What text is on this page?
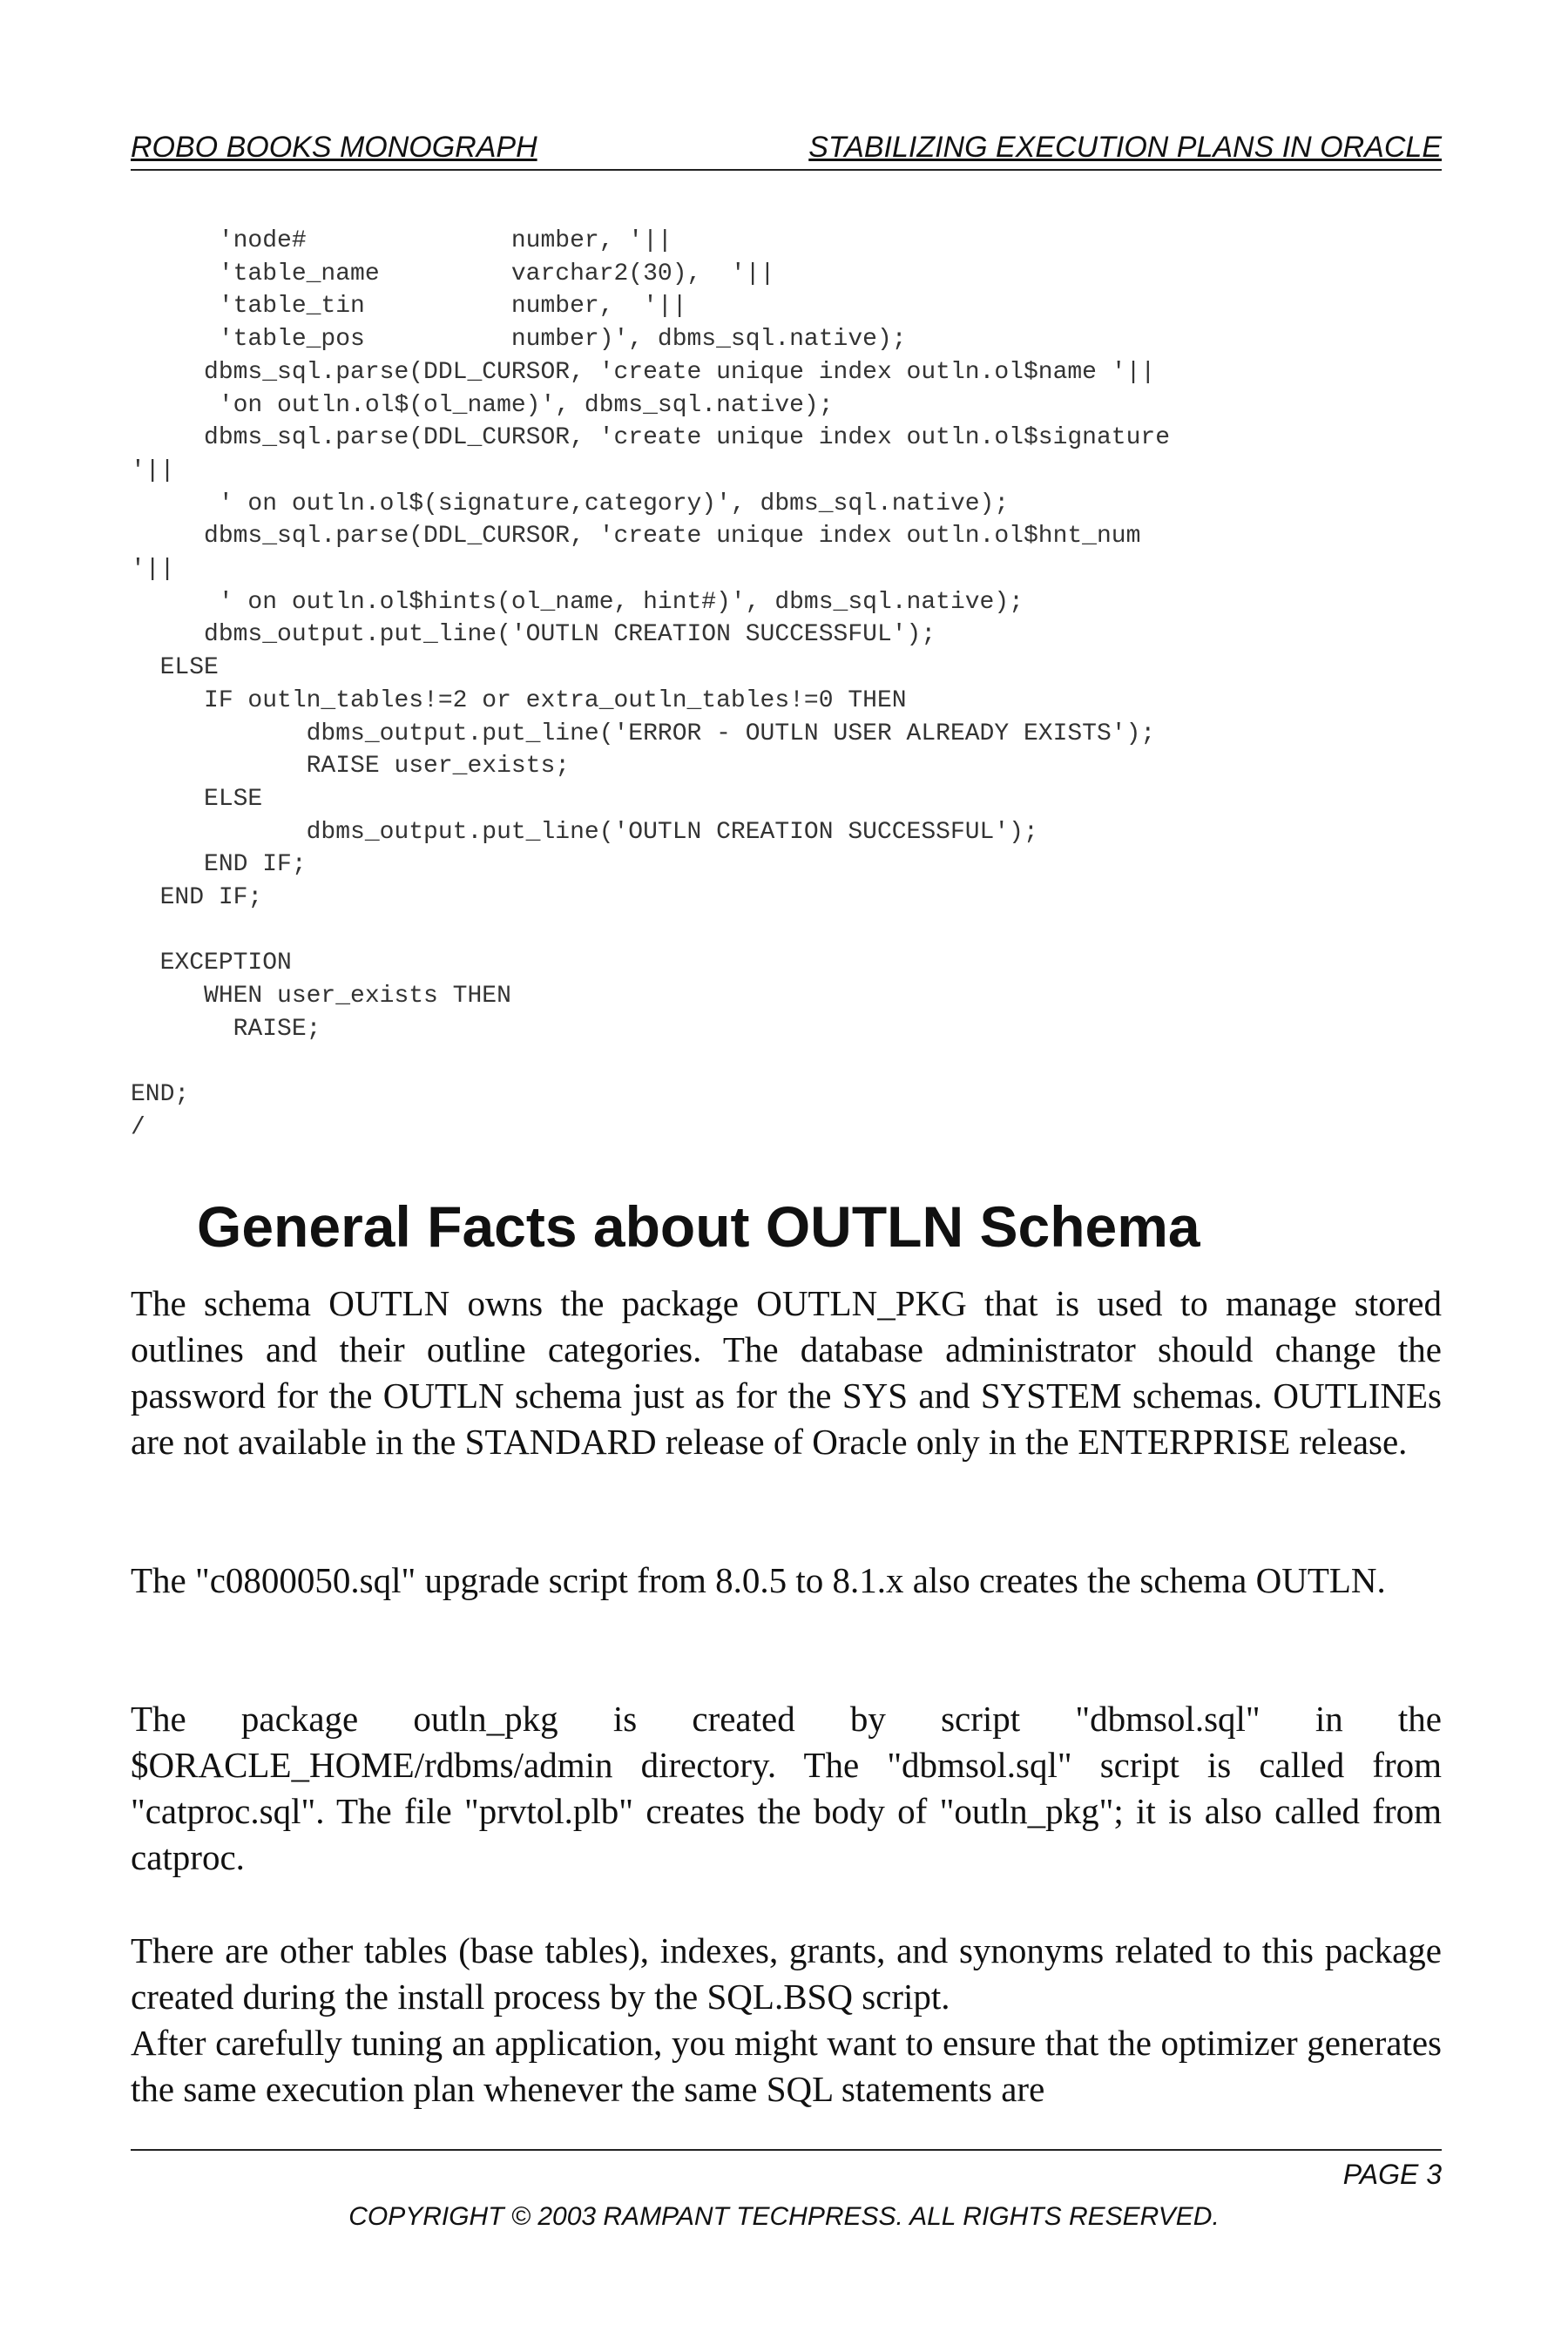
ROBO BOOKS MONOGRAPH	STABILIZING EXECUTION PLANS IN ORACLE
'node#              number, '||
'table_name         varchar2(30),  '||
'table_tin          number,  '||
'table_pos          number)', dbms_sql.native);
dbms_sql.parse(DDL_CURSOR, 'create unique index outln.ol$name '||
'on outln.ol$(ol_name)', dbms_sql.native);
dbms_sql.parse(DDL_CURSOR, 'create unique index outln.ol$signature
'||
' on outln.ol$(signature,category)', dbms_sql.native);
dbms_sql.parse(DDL_CURSOR, 'create unique index outln.ol$hnt_num
'||
' on outln.ol$hints(ol_name, hint#)', dbms_sql.native);
dbms_output.put_line('OUTLN CREATION SUCCESSFUL');
ELSE
IF outln_tables!=2 or extra_outln_tables!=0 THEN
dbms_output.put_line('ERROR - OUTLN USER ALREADY EXISTS');
RAISE user_exists;
ELSE
dbms_output.put_line('OUTLN CREATION SUCCESSFUL');
END IF;
END IF;

EXCEPTION
WHEN user_exists THEN
RAISE;

END;
/
General Facts about OUTLN Schema

The schema OUTLN owns the package OUTLN_PKG that is used to manage stored outlines and their outline categories. The database administrator should change the password for the OUTLN schema just as for the SYS and SYSTEM schemas. OUTLINEs are not available in the STANDARD release of Oracle only in the ENTERPRISE release.

The "c0800050.sql" upgrade script from 8.0.5 to 8.1.x also creates the schema OUTLN.

The package outln_pkg is created by script "dbmsol.sql" in the $ORACLE_HOME/rdbms/admin directory. The "dbmsol.sql" script is called from "catproc.sql". The file "prvtol.plb" creates the body of "outln_pkg"; it is also called from catproc.

There are other tables (base tables), indexes, grants, and synonyms related to this package created during the install process by the SQL.BSQ script.

After carefully tuning an application, you might want to ensure that the optimizer generates the same execution plan whenever the same SQL statements are

PAGE 3
COPYRIGHT © 2003 RAMPANT TECHPRESS. ALL RIGHTS RESERVED.
